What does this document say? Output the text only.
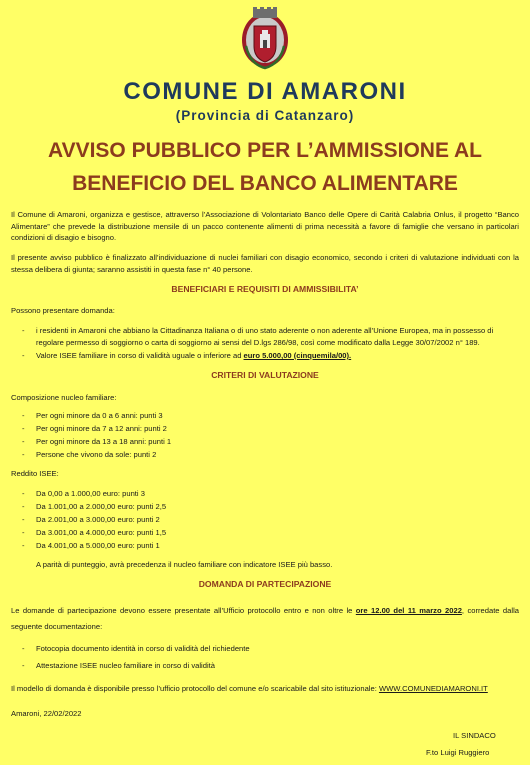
COMUNE DI AMARONI
(Provincia di Catanzaro)
AVVISO PUBBLICO PER L’AMMISSIONE AL
BENEFICIO DEL BANCO ALIMENTARE
Il Comune di Amaroni, organizza e gestisce, attraverso l’Associazione di Volontariato Banco delle Opere di Carità Calabria Onlus, il progetto “Banco Alimentare” che prevede la distribuzione mensile di un pacco contenente alimenti di prima necessità a favore di famiglie che versano in particolari condizioni di disagio e bisogno.
Il presente avviso pubblico è finalizzato all’individuazione di nuclei familiari con disagio economico, secondo i criteri di valutazione individuati con la stessa delibera di giunta; saranno assistiti in questa fase n° 40 persone.
BENEFICIARI E REQUISITI DI AMMISSIBILITA’
Possono presentare domanda:
- i residenti in Amaroni che abbiano la Cittadinanza Italiana o di uno stato aderente o non aderente all’Unione Europea, ma in possesso di regolare permesso di soggiorno o carta di soggiorno ai sensi del D.lgs 286/98, così come modificato dalla Legge 30/07/2002 n° 189.
- Valore ISEE familiare in corso di validità uguale o inferiore ad euro 5.000,00 (cinquemila/00).
CRITERI DI VALUTAZIONE
Composizione nucleo familiare:
- Per ogni minore da 0 a 6 anni: punti 3
- Per ogni minore da 7 a 12 anni: punti 2
- Per ogni minore da 13 a 18 anni: punti 1
- Persone che vivono da sole: punti 2
Reddito ISEE:
- Da 0,00 a 1.000,00 euro: punti 3
- Da 1.001,00 a 2.000,00 euro: punti 2,5
- Da 2.001,00 a 3.000,00 euro: punti 2
- Da 3.001,00 a 4.000,00 euro: punti 1,5
- Da 4.001,00 a 5.000,00 euro: punti 1
A parità di punteggio, avrà precedenza il nucleo familiare con indicatore ISEE più basso.
DOMANDA DI PARTECIPAZIONE
Le domande di partecipazione devono essere presentate all’Ufficio protocollo entro e non oltre le ore 12.00 del 11 marzo 2022, corredate dalla seguente documentazione:
- Fotocopia documento identità in corso di validità del richiedente
- Attestazione ISEE nucleo familiare in corso di validità
Il modello di domanda è disponibile presso l’ufficio protocollo del comune e/o scaricabile dal sito istituzionale: WWW.COMUNEDIAMARONI.IT
Amaroni, 22/02/2022
IL SINDACO
F.to Luigi Ruggiero
